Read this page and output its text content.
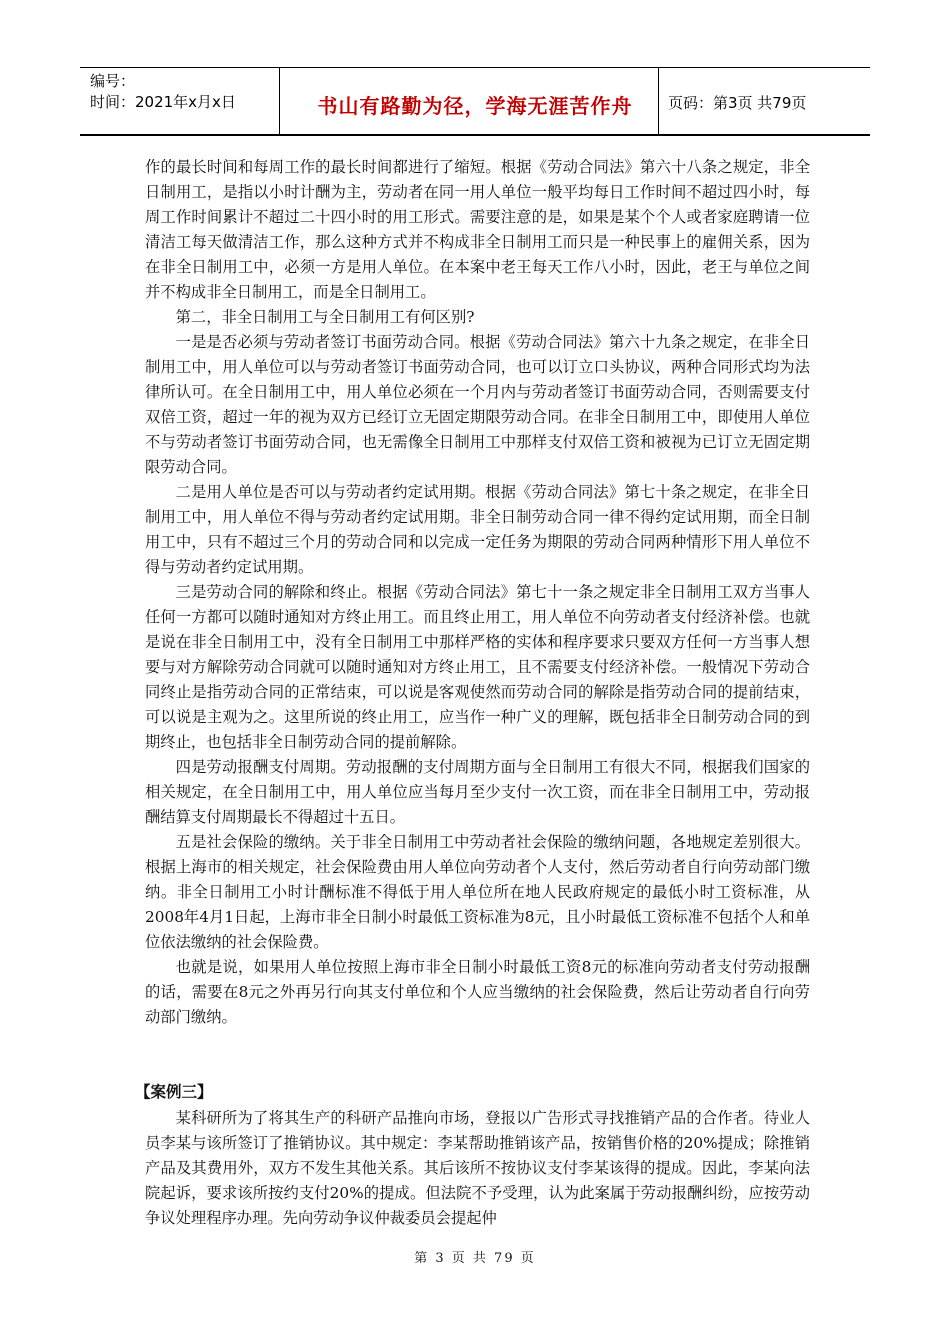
编号：
时间：2021年x月x日	书山有路勤为径，学海无涯苦作舟	页码：第3页 共79页

作的最长时间和每周工作的最长时间都进行了缩短。根据《劳动合同法》第六十八条之规定，非全日制用工，是指以小时计酬为主，劳动者在同一用人单位一般平均每日工作时间不超过四小时，每周工作时间累计不超过二十四小时的用工形式。需要注意的是，如果是某个个人或者家庭聘请一位清洁工每天做清洁工作，那么这种方式并不构成非全日制用工而只是一种民事上的雇佣关系，因为在非全日制用工中，必须一方是用人单位。在本案中老王每天工作八小时，因此，老王与单位之间并不构成非全日制用工，而是全日制用工。

第二，非全日制用工与全日制用工有何区别?

一是是否必须与劳动者签订书面劳动合同。根据《劳动合同法》第六十九条之规定，在非全日制用工中，用人单位可以与劳动者签订书面劳动合同，也可以订立口头协议，两种合同形式均为法律所认可。在全日制用工中，用人单位必须在一个月内与劳动者签订书面劳动合同，否则需要支付双倍工资，超过一年的视为双方已经订立无固定期限劳动合同。在非全日制用工中，即使用人单位不与劳动者签订书面劳动合同，也无需像全日制用工中那样支付双倍工资和被视为已订立无固定期限劳动合同。

二是用人单位是否可以与劳动者约定试用期。根据《劳动合同法》第七十条之规定，在非全日制用工中，用人单位不得与劳动者约定试用期。非全日制劳动合同一律不得约定试用期，而全日制用工中，只有不超过三个月的劳动合同和以完成一定任务为期限的劳动合同两种情形下用人单位不得与劳动者约定试用期。

三是劳动合同的解除和终止。根据《劳动合同法》第七十一条之规定非全日制用工双方当事人任何一方都可以随时通知对方终止用工。而且终止用工，用人单位不向劳动者支付经济补偿。也就是说在非全日制用工中，没有全日制用工中那样严格的实体和程序要求只要双方任何一方当事人想要与对方解除劳动合同就可以随时通知对方终止用工，且不需要支付经济补偿。一般情况下劳动合同终止是指劳动合同的正常结束，可以说是客观使然而劳动合同的解除是指劳动合同的提前结束，可以说是主观为之。这里所说的终止用工，应当作一种广义的理解，既包括非全日制劳动合同的到期终止，也包括非全日制劳动合同的提前解除。

四是劳动报酬支付周期。劳动报酬的支付周期方面与全日制用工有很大不同，根据我们国家的相关规定，在全日制用工中，用人单位应当每月至少支付一次工资，而在非全日制用工中，劳动报酬结算支付周期最长不得超过十五日。

五是社会保险的缴纳。关于非全日制用工中劳动者社会保险的缴纳问题，各地规定差别很大。根据上海市的相关规定，社会保险费由用人单位向劳动者个人支付，然后劳动者自行向劳动部门缴纳。非全日制用工小时计酬标准不得低于用人单位所在地人民政府规定的最低小时工资标准，从2008年4月1日起，上海市非全日制小时最低工资标准为8元，且小时最低工资标准不包括个人和单位依法缴纳的社会保险费。

也就是说，如果用人单位按照上海市非全日制小时最低工资8元的标准向劳动者支付劳动报酬的话，需要在8元之外再另行向其支付单位和个人应当缴纳的社会保险费，然后让劳动者自行向劳动部门缴纳。

【案例三】

某科研所为了将其生产的科研产品推向市场，登报以广告形式寻找推销产品的合作者。待业人员李某与该所签订了推销协议。其中规定：李某帮助推销该产品，按销售价格的20%提成；除推销产品及其费用外，双方不发生其他关系。其后该所不按协议支付李某该得的提成。因此，李某向法院起诉，要求该所按约支付20%的提成。但法院不予受理，认为此案属于劳动报酬纠纷，应按劳动争议处理程序办理。先向劳动争议仲裁委员会提起仲

第 3 页 共 79 页
